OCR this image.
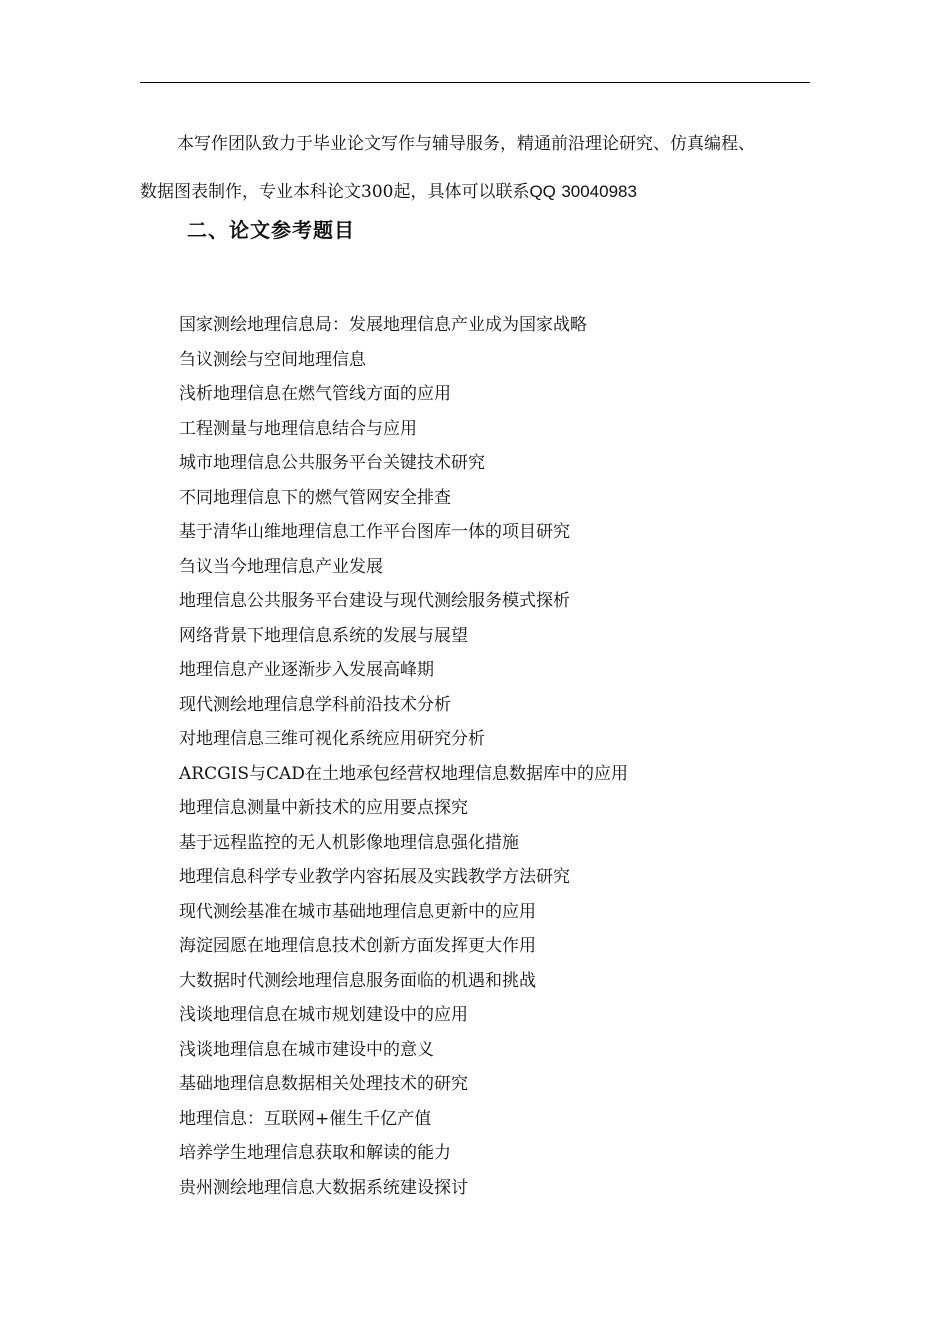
本写作团队致力于毕业论文写作与辅导服务，精通前沿理论研究、仿真编程、
数据图表制作，专业本科论文300起，具体可以联系QQ 30040983
二、论文参考题目
国家测绘地理信息局：发展地理信息产业成为国家战略
刍议测绘与空间地理信息
浅析地理信息在燃气管线方面的应用
工程测量与地理信息结合与应用
城市地理信息公共服务平台关键技术研究
不同地理信息下的燃气管网安全排查
基于清华山维地理信息工作平台图库一体的项目研究
刍议当今地理信息产业发展
地理信息公共服务平台建设与现代测绘服务模式探析
网络背景下地理信息系统的发展与展望
地理信息产业逐渐步入发展高峰期
现代测绘地理信息学科前沿技术分析
对地理信息三维可视化系统应用研究分析
ARCGIS与CAD在土地承包经营权地理信息数据库中的应用
地理信息测量中新技术的应用要点探究
基于远程监控的无人机影像地理信息强化措施
地理信息科学专业教学内容拓展及实践教学方法研究
现代测绘基准在城市基础地理信息更新中的应用
海淀园愿在地理信息技术创新方面发挥更大作用
大数据时代测绘地理信息服务面临的机遇和挑战
浅谈地理信息在城市规划建设中的应用
浅谈地理信息在城市建设中的意义
基础地理信息数据相关处理技术的研究
地理信息：互联网+催生千亿产值
培养学生地理信息获取和解读的能力
贵州测绘地理信息大数据系统建设探讨
